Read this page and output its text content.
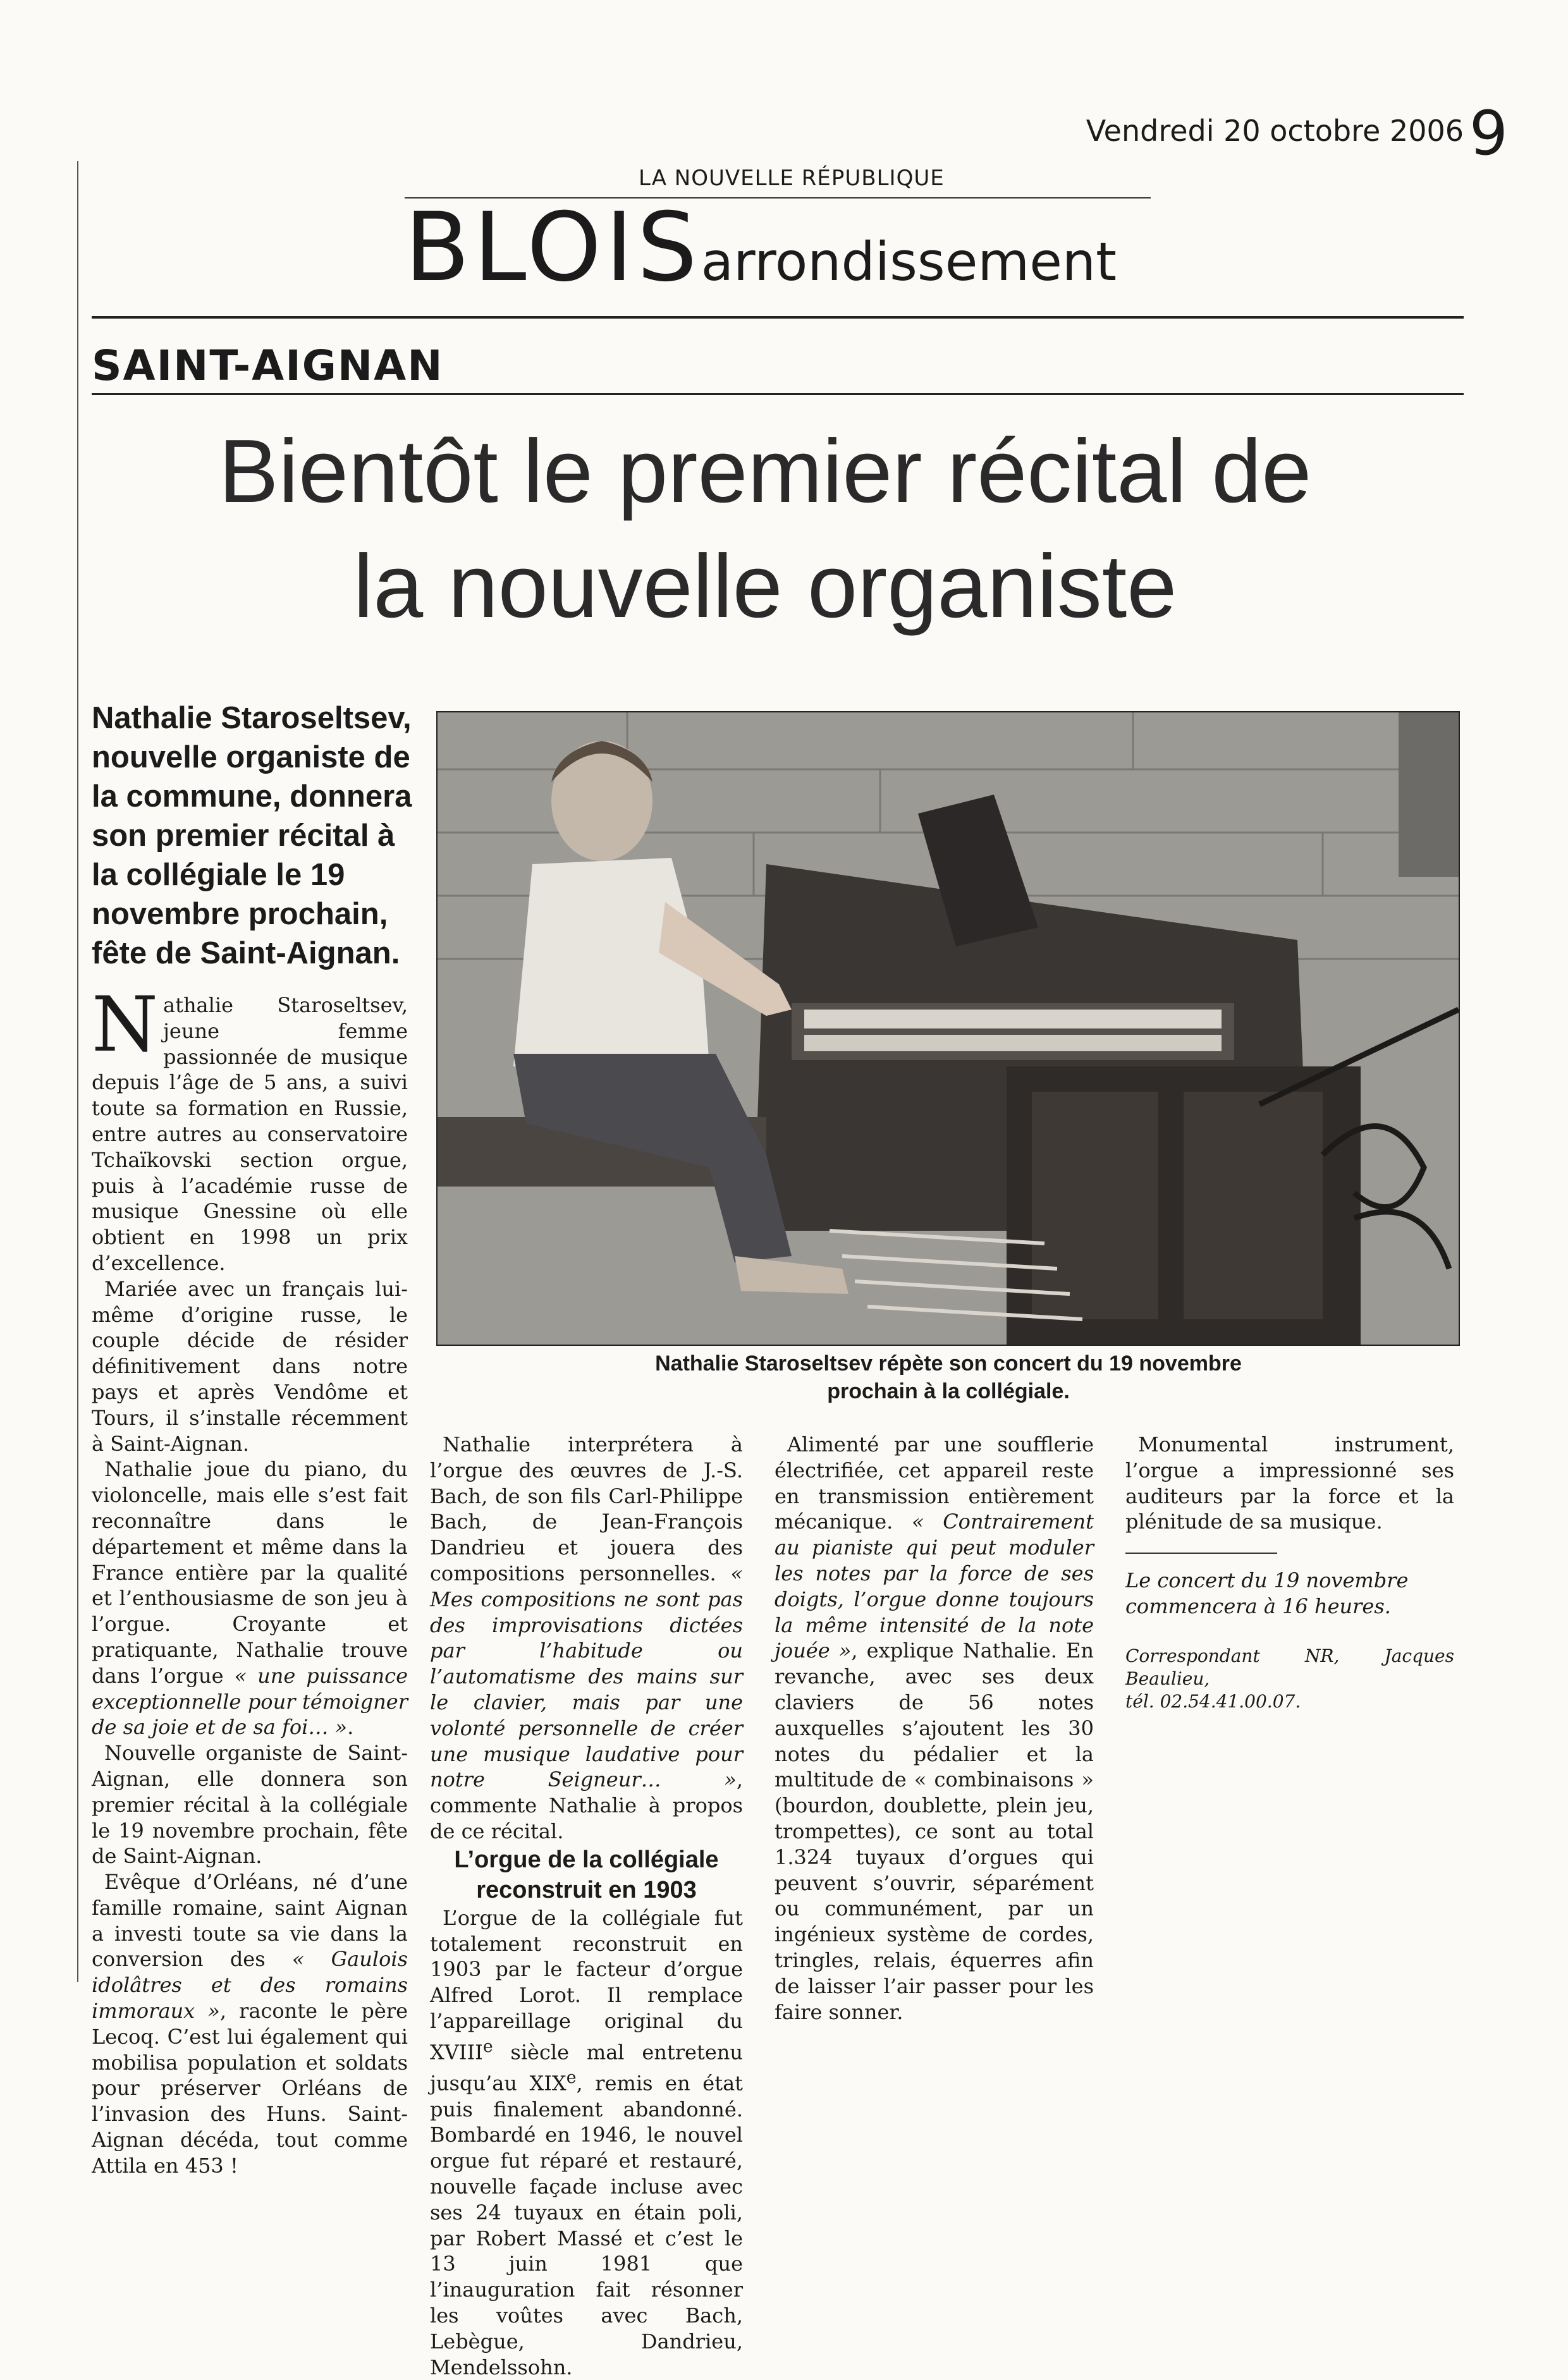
Vendredi 20 octobre 2006 9
LA NOUVELLE RÉPUBLIQUE
BLOISarrondissement
SAINT-AIGNAN
Bientôt le premier récital de la nouvelle organiste
Nathalie Staroseltsev, nouvelle organiste de la commune, donnera son premier récital à la collégiale le 19 novembre prochain, fête de Saint-Aignan.
Nathalie Staroseltsev répète son concert du 19 novembre prochain à la collégiale.

Nathalie Staroseltsev, jeune femme passionnée de musique depuis l’âge de 5 ans, a suivi toute sa formation en Russie, entre autres au conservatoire Tchaïkovski section orgue, puis à l’académie russe de musique Gnessine où elle obtient en 1998 un prix d’excellence.

Mariée avec un français lui-même d’origine russe, le couple décide de résider définitivement dans notre pays et après Vendôme et Tours, il s’installe récemment à Saint-Aignan.

Nathalie joue du piano, du violoncelle, mais elle s’est fait reconnaître dans le département et même dans la France entière par la qualité et l’enthousiasme de son jeu à l’orgue. Croyante et pratiquante, Nathalie trouve dans l’orgue « une puissance exceptionnelle pour témoigner de sa joie et de sa foi… ».

Nouvelle organiste de Saint-Aignan, elle donnera son premier récital à la collégiale le 19 novembre prochain, fête de Saint-Aignan.

Evêque d’Orléans, né d’une famille romaine, saint Aignan a investi toute sa vie dans la conversion des « Gaulois idolâtres et des romains immoraux », raconte le père Lecoq. C’est lui également qui mobilisa population et soldats pour préserver Orléans de l’invasion des Huns. Saint-Aignan décéda, tout comme Attila en 453 !

Nathalie interprétera à l’orgue des œuvres de J.-S. Bach, de son fils Carl-Philippe Bach, de Jean-François Dandrieu et jouera des compositions personnelles. « Mes compositions ne sont pas des improvisations dictées par l’habitude ou l’automatisme des mains sur le clavier, mais par une volonté personnelle de créer une musique laudative pour notre Seigneur… », commente Nathalie à propos de ce récital.

L’orgue de la collégiale reconstruit en 1903

L’orgue de la collégiale fut totalement reconstruit en 1903 par le facteur d’orgue Alfred Lorot. Il remplace l’appareillage original du XVIIIe siècle mal entretenu jusqu’au XIXe, remis en état puis finalement abandonné. Bombardé en 1946, le nouvel orgue fut réparé et restauré, nouvelle façade incluse avec ses 24 tuyaux en étain poli, par Robert Massé et c’est le 13 juin 1981 que l’inauguration fait résonner les voûtes avec Bach, Lebègue, Dandrieu, Mendelssohn.

Alimenté par une soufflerie électrifiée, cet appareil reste en transmission entièrement mécanique. « Contrairement au pianiste qui peut moduler les notes par la force de ses doigts, l’orgue donne toujours la même intensité de la note jouée », explique Nathalie. En revanche, avec ses deux claviers de 56 notes auxquelles s’ajoutent les 30 notes du pédalier et la multitude de « combinaisons » (bourdon, doublette, plein jeu, trompettes), ce sont au total 1.324 tuyaux d’orgues qui peuvent s’ouvrir, séparément ou communément, par un ingénieux système de cordes, tringles, relais, équerres afin de laisser l’air passer pour les faire sonner.

Monumental instrument, l’orgue a impressionné ses auditeurs par la force et la plénitude de sa musique.

Le concert du 19 novembre commencera à 16 heures.

Correspondant NR, Jacques Beaulieu,
tél. 02.54.41.00.07.
